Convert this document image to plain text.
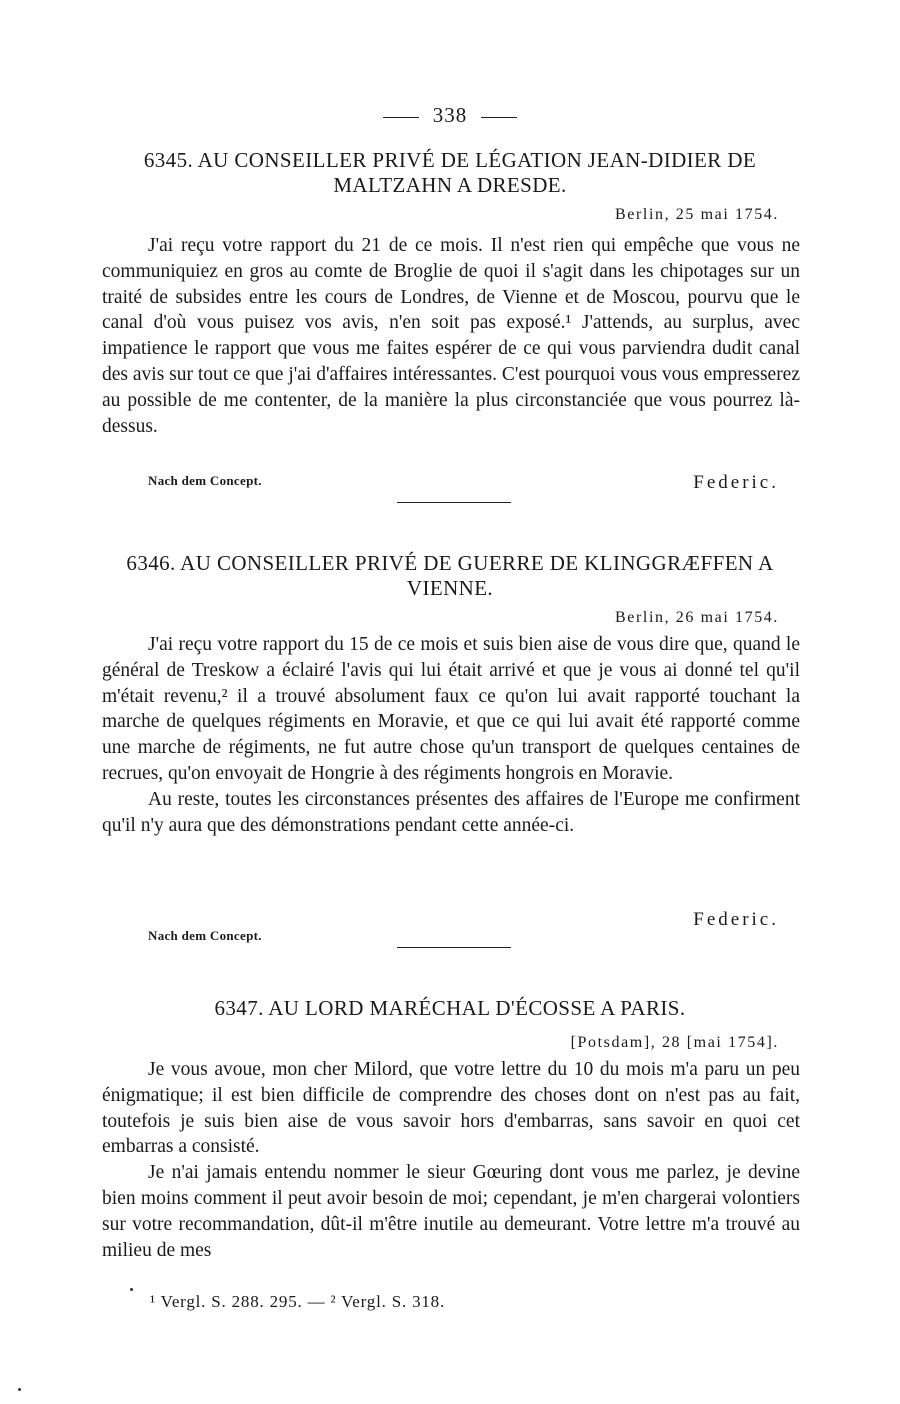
338
6345. AU CONSEILLER PRIVÉ DE LÉGATION JEAN-DIDIER DE MALTZAHN A DRESDE.
Berlin, 25 mai 1754.

J'ai reçu votre rapport du 21 de ce mois. Il n'est rien qui empêche que vous ne communiquiez en gros au comte de Broglie de quoi il s'agit dans les chipotages sur un traité de subsides entre les cours de Londres, de Vienne et de Moscou, pourvu que le canal d'où vous puisez vos avis, n'en soit pas exposé.¹ J'attends, au surplus, avec impatience le rapport que vous me faites espérer de ce qui vous parviendra dudit canal des avis sur tout ce que j'ai d'affaires intéressantes. C'est pourquoi vous vous empresserez au possible de me contenter, de la manière la plus circonstanciée que vous pourrez là-dessus.

Nach dem Concept.	Federic.
6346. AU CONSEILLER PRIVÉ DE GUERRE DE KLINGGRÆFFEN A VIENNE.
Berlin, 26 mai 1754.

J'ai reçu votre rapport du 15 de ce mois et suis bien aise de vous dire que, quand le général de Treskow a éclairé l'avis qui lui était arrivé et que je vous ai donné tel qu'il m'était revenu,² il a trouvé absolument faux ce qu'on lui avait rapporté touchant la marche de quelques régiments en Moravie, et que ce qui lui avait été rapporté comme une marche de régiments, ne fut autre chose qu'un transport de quelques centaines de recrues, qu'on envoyait de Hongrie à des régiments hongrois en Moravie.

Au reste, toutes les circonstances présentes des affaires de l'Europe me confirment qu'il n'y aura que des démonstrations pendant cette année-ci.

Federic.
Nach dem Concept.
6347. AU LORD MARÉCHAL D'ÉCOSSE A PARIS.
[Potsdam], 28 [mai 1754].

Je vous avoue, mon cher Milord, que votre lettre du 10 du mois m'a paru un peu énigmatique; il est bien difficile de comprendre des choses dont on n'est pas au fait, toutefois je suis bien aise de vous savoir hors d'embarras, sans savoir en quoi cet embarras a consisté.

Je n'ai jamais entendu nommer le sieur Gœuring dont vous me parlez, je devine bien moins comment il peut avoir besoin de moi; cependant, je m'en chargerai volontiers sur votre recommandation, dût-il m'être inutile au demeurant. Votre lettre m'a trouvé au milieu de mes

¹ Vergl. S. 288. 295. — ² Vergl. S. 318.
